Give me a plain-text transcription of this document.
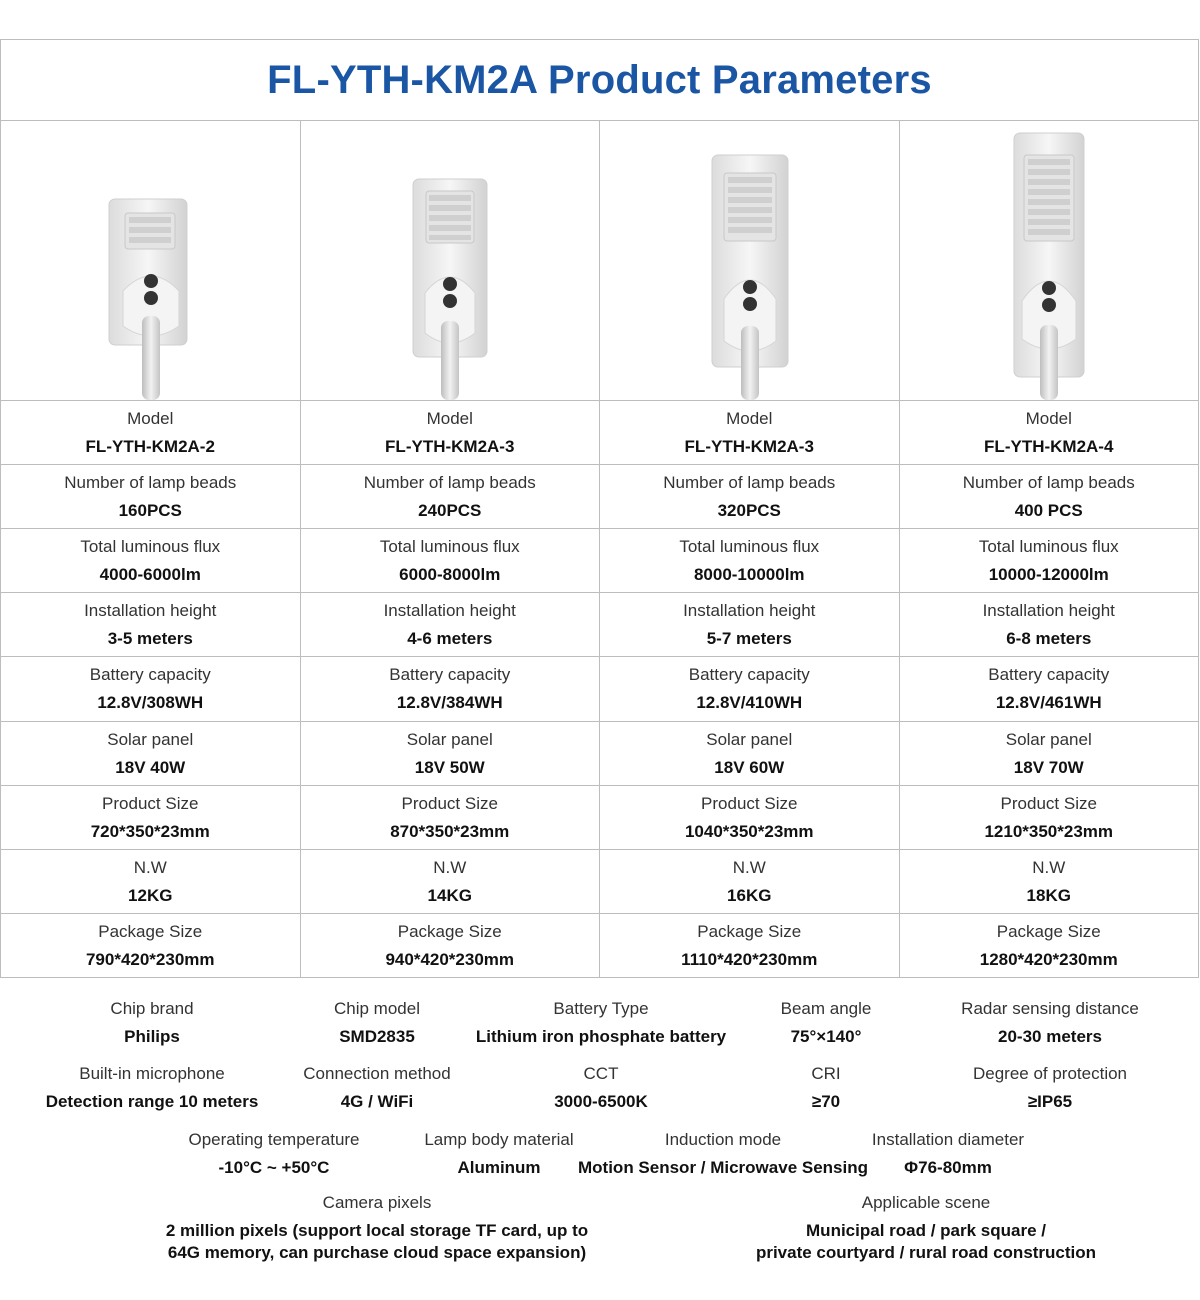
FL-YTH-KM2A Product Parameters
Model
FL-YTH-KM2A-2
Model
FL-YTH-KM2A-3
Model
FL-YTH-KM2A-3
Model
FL-YTH-KM2A-4
Number of lamp beads
160PCS
Number of lamp beads
240PCS
Number of lamp beads
320PCS
Number of lamp beads
400 PCS
Total luminous flux
4000-6000lm
Total luminous flux
6000-8000lm
Total luminous flux
8000-10000lm
Total luminous flux
10000-12000lm
Installation height
3-5 meters
Installation height
4-6 meters
Installation height
5-7 meters
Installation height
6-8 meters
Battery capacity
12.8V/308WH
Battery capacity
12.8V/384WH
Battery capacity
12.8V/410WH
Battery capacity
12.8V/461WH
Solar panel
18V 40W
Solar panel
18V 50W
Solar panel
18V 60W
Solar panel
18V 70W
Product Size
720*350*23mm
Product Size
870*350*23mm
Product Size
1040*350*23mm
Product Size
1210*350*23mm
N.W
12KG
N.W
14KG
N.W
16KG
N.W
18KG
Package Size
790*420*230mm
Package Size
940*420*230mm
Package Size
1110*420*230mm
Package Size
1280*420*230mm
Chip brand
Philips
Chip model
SMD2835
Battery Type
Lithium iron phosphate battery
Beam angle
75°×140°
Radar sensing distance
20-30 meters
Built-in microphone
Detection range 10 meters
Connection method
4G / WiFi
CCT
3000-6500K
CRI
≥70
Degree of protection
≥IP65
Operating temperature
-10°C ~ +50°C
Lamp body material
Aluminum
Induction mode
Motion Sensor / Microwave Sensing
Installation diameter
Φ76-80mm
Camera pixels
2 million pixels (support local storage TF card, up to
64G memory, can purchase cloud space expansion)
Applicable scene
Municipal road / park square /
private courtyard / rural road construction
